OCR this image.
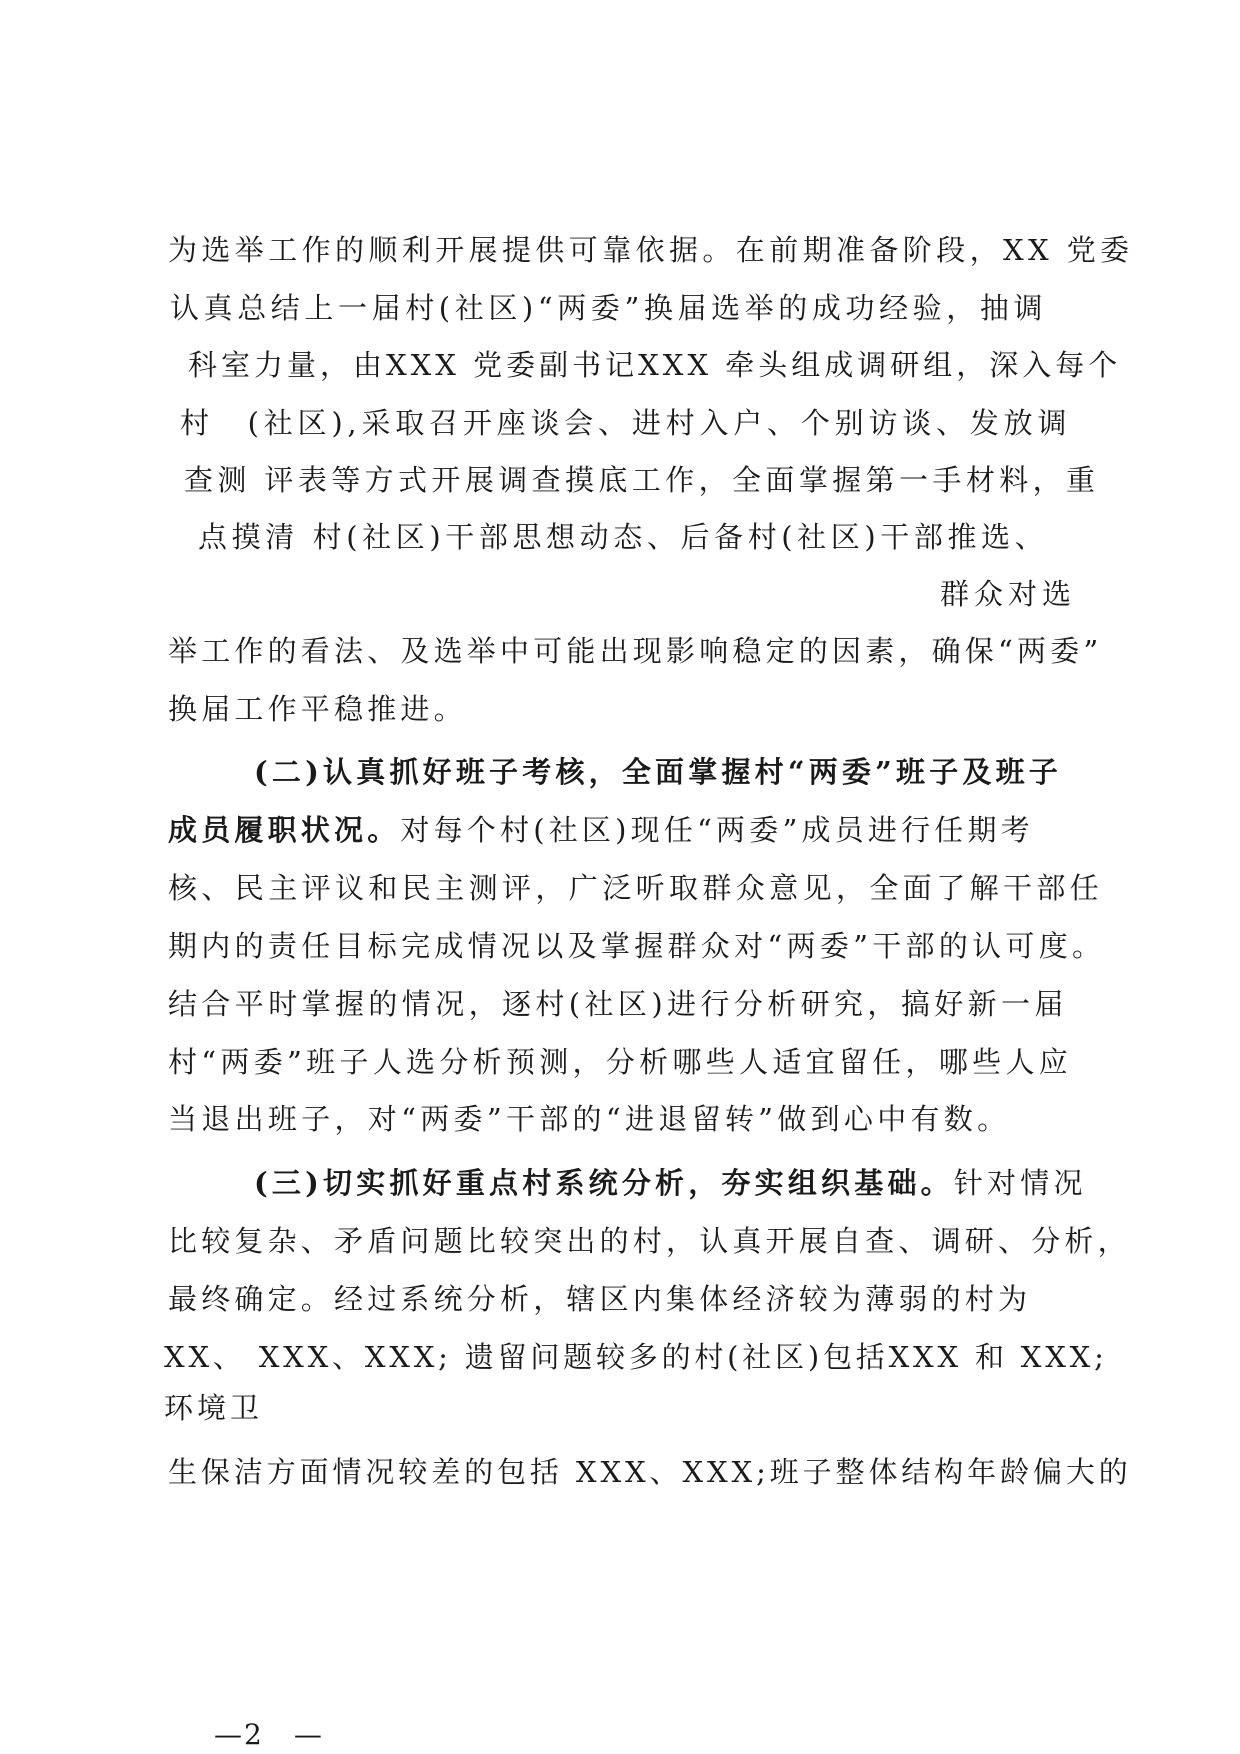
为选举工作的顺利开展提供可靠依据。在前期准备阶段，XX 党委
认真总结上一届村(社区)“两委”换届选举的成功经验，抽调
科室力量，由XXX 党委副书记XXX 牵头组成调研组，深入每个
村　(社区),采取召开座谈会、进村入户、个别访谈、发放调
查测 评表等方式开展调查摸底工作，全面掌握第一手材料，重
点摸清 村(社区)干部思想动态、后备村(社区)干部推选、
群众对选
举工作的看法、及选举中可能出现影响稳定的因素，确保“两委”
换届工作平稳推进。
(二)认真抓好班子考核，全面掌握村“两委”班子及班子
成员履职状况。对每个村(社区)现任“两委”成员进行任期考
核、民主评议和民主测评，广泛听取群众意见，全面了解干部任
期内的责任目标完成情况以及掌握群众对“两委”干部的认可度。
结合平时掌握的情况，逐村(社区)进行分析研究，搞好新一届
村“两委”班子人选分析预测，分析哪些人适宜留任，哪些人应
当退出班子，对“两委”干部的“进退留转”做到心中有数。
(三)切实抓好重点村系统分析，夯实组织基础。针对情况
比较复杂、矛盾问题比较突出的村，认真开展自查、调研、分析，
最终确定。经过系统分析，辖区内集体经济较为薄弱的村为
XX、 XXX、XXX; 遗留问题较多的村(社区)包括XXX 和 XXX;
环境卫
生保洁方面情况较差的包括 XXX、XXX;班子整体结构年龄偏大的
—2　—
